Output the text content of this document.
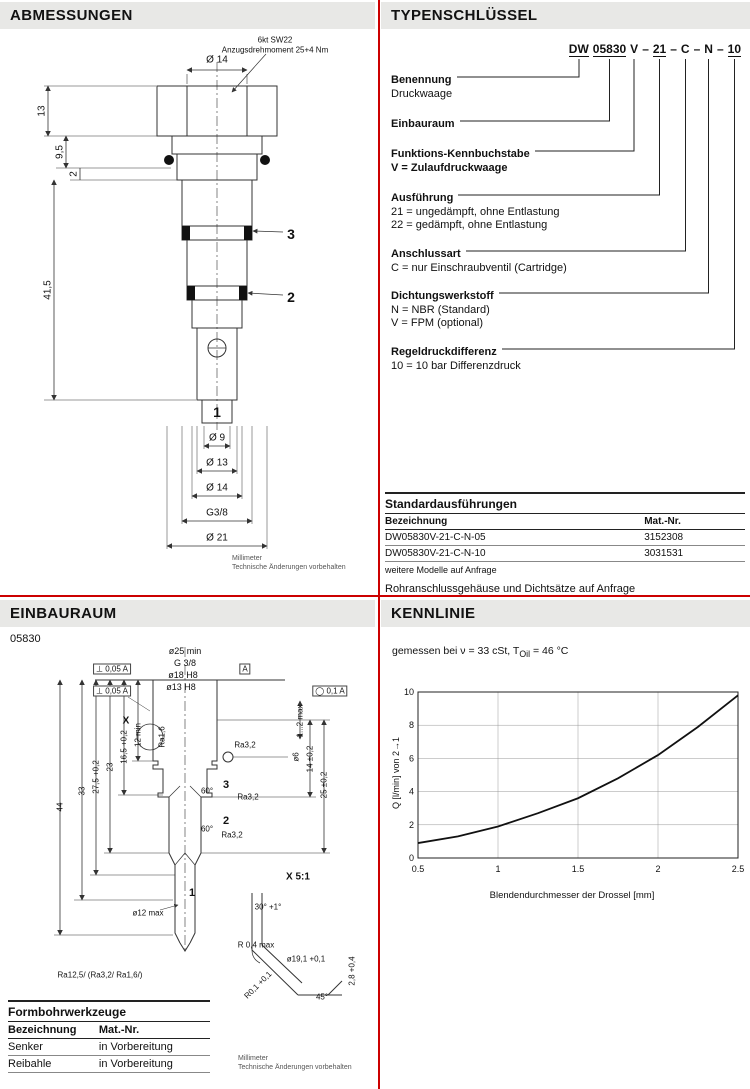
ABMESSUNGEN	TYPENSCHLÜSSEL
EINBAURAUM	KENNLINIE
6kt SW22
Anzugsdrehmoment 25+4 Nm
Ø 14
13
9,5
2
41,5
3
2
1
Ø 9
Ø 13
Ø 14
G3/8
Ø 21
DW 05830 V – 21 – C – N – 10
Benennung
Druckwaage
Einbauraum
Funktions-Kennbuchstabe
V = Zulaufdruckwaage
Ausführung
21 = ungedämpft, ohne Entlastung
22 = gedämpft, ohne Entlastung
Anschlussart
C = nur Einschraubventil (Cartridge)
Dichtungswerkstoff
N = NBR (Standard)
V = FPM (optional)
Regeldruckdifferenz
10 = 10 bar Differenzdruck
Standardausführungen
Bezeichnung	Mat.-Nr.
DW05830V-21-C-N-05	3152308
DW05830V-21-C-N-10	3031531
weitere Modelle auf Anfrage
Rohranschlussgehäuse und Dichtsätze auf Anfrage
Millimeter
Technische Änderungen vorbehalten
05830
ø25 min
G 3/8
ø18 H8
ø13 H8
⊥ 0,05 A
⊥ 0,05 A
A
◯ 0,1 A
X
Ra1,6	Ra3,2
Ra3,2
Ra3,2
1...2 max
12 min
16,5 +0,2
23
27,5 +0,2
33
44
60°
60°
3
2
1
ø6 14 ±0,2
25 ±0,2
ø12 max
Ra12,5/ (Ra3,2/ Ra1,6/)
X 5:1
30° +1°
R 0,4 max
ø19,1 +0,1	2,8 +0,4
R0,1 +0,1	45°
Formbohrwerkzeuge
Bezeichnung	Mat.-Nr.
Senker	in Vorbereitung
Reibahle	in Vorbereitung	Millimeter
Technische Änderungen vorbehalten
gemessen bei ν = 33 cSt, $T_{Oil} = 46$ °C
Q [l/min] von 2→1
0.5	1	1.5	2	2.5
0
2
4
6
8
10
Blendendurchmesser der Drossel [mm]
